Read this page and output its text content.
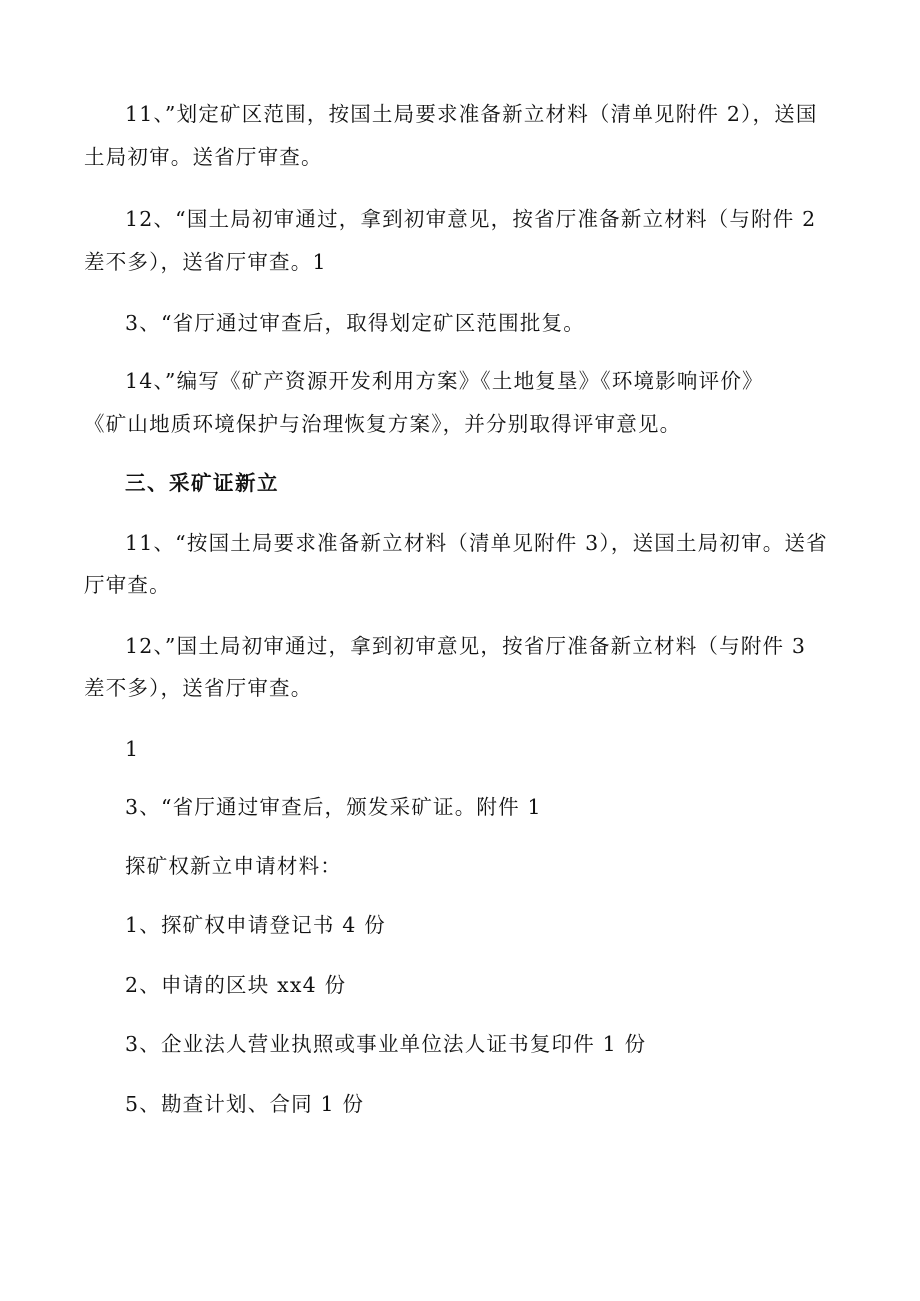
11、”划定矿区范围，按国土局要求准备新立材料（清单见附件 2），送国
土局初审。送省厅审查。
12、“国土局初审通过，拿到初审意见，按省厅准备新立材料（与附件 2
差不多），送省厅审查。1
3、“省厅通过审查后，取得划定矿区范围批复。
14、”编写《矿产资源开发利用方案》《土地复垦》《环境影响评价》
《矿山地质环境保护与治理恢复方案》，并分别取得评审意见。
三、采矿证新立
11、“按国土局要求准备新立材料（清单见附件 3），送国土局初审。送省
厅审查。
12、”国土局初审通过，拿到初审意见，按省厅准备新立材料（与附件 3
差不多），送省厅审查。
1
3、“省厅通过审查后，颁发采矿证。附件 1
探矿权新立申请材料：
1、探矿权申请登记书 4 份
2、申请的区块 xx4 份
3、企业法人营业执照或事业单位法人证书复印件 1 份
5、勘查计划、合同 1 份
